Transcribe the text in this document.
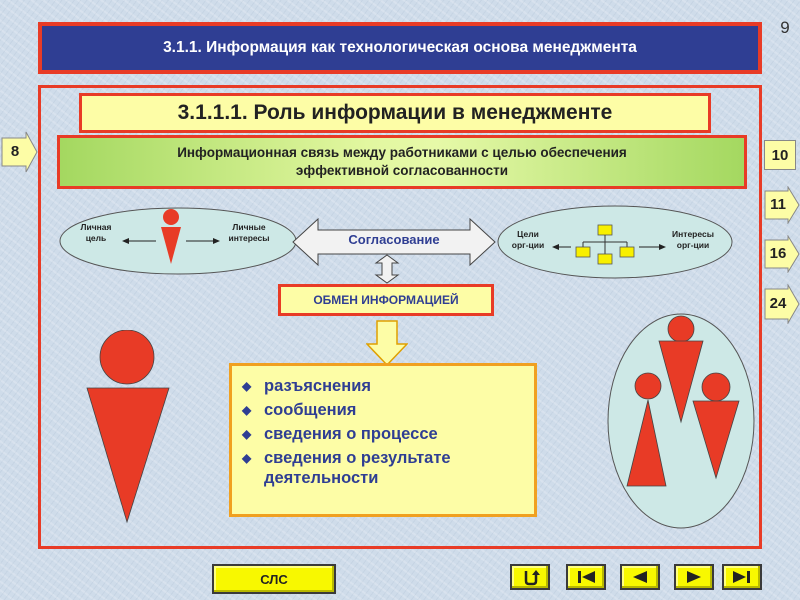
9
3.1.1. Информация как технологическая основа менеджмента
3.1.1.1. Роль информации в менеджменте
8	Информационная связь между работниками с целью обеспечения эффективной согласованности
10
11
16
24
Личная
цель
Личные
интересы	Согласование	Цели
орг-ции
Интересы
орг-ции
ОБМЕН ИНФОРМАЦИЕЙ
◆ разъяснения
◆ сообщения
◆ сведения о процессе
◆ сведения о результате деятельности
СЛС
